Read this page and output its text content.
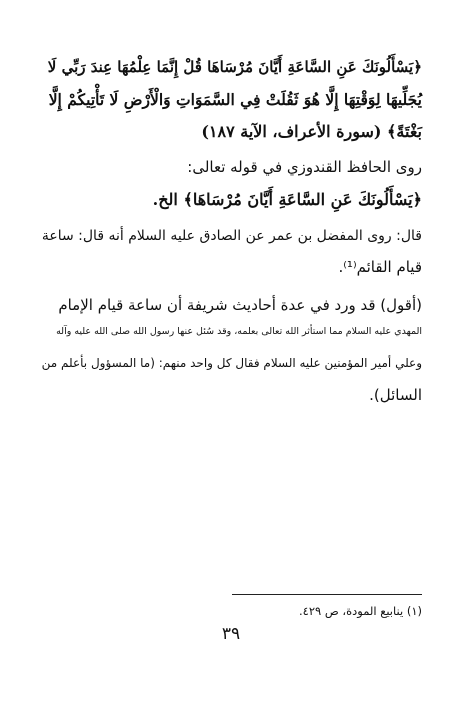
﴿يَسْأَلُونَكَ عَنِ السَّاعَةِ أَيَّانَ مُرْسَاهَا قُلْ إِنَّمَا عِلْمُهَا عِندَ رَبِّي لَا
يُجَلِّيهَا لِوَقْتِهَا إِلَّا هُوَ ثَقُلَتْ فِي السَّمَوَاتِ وَالْأَرْضِ لَا تَأْتِيكُمْ إِلَّا
بَغْتَةً﴾ (سورة الأعراف، الآية ١٨٧)
روى الحافظ القندوزي في قوله تعالى:
﴿يَسْأَلُونَكَ عَنِ السَّاعَةِ أَيَّانَ مُرْسَاهَا﴾ الخ.
قال: روى المفضل بن عمر عن الصادق عليه السلام أنه قال: ساعة
قيام القائم⁽¹⁾.
(أقول) قد ورد في عدة أحاديث شريفة أن ساعة قيام الإمام
المهدي عليه السلام مما استأثر الله تعالى بعلمه، وقد سُئل عنها رسول الله صلى الله عليه وآله
وعلي أمير المؤمنين عليه السلام فقال كل واحد منهم: (ما المسؤول بأعلم من
السائل).
(١) ينابيع المودة، ص ٤٢٩.
٣٩
